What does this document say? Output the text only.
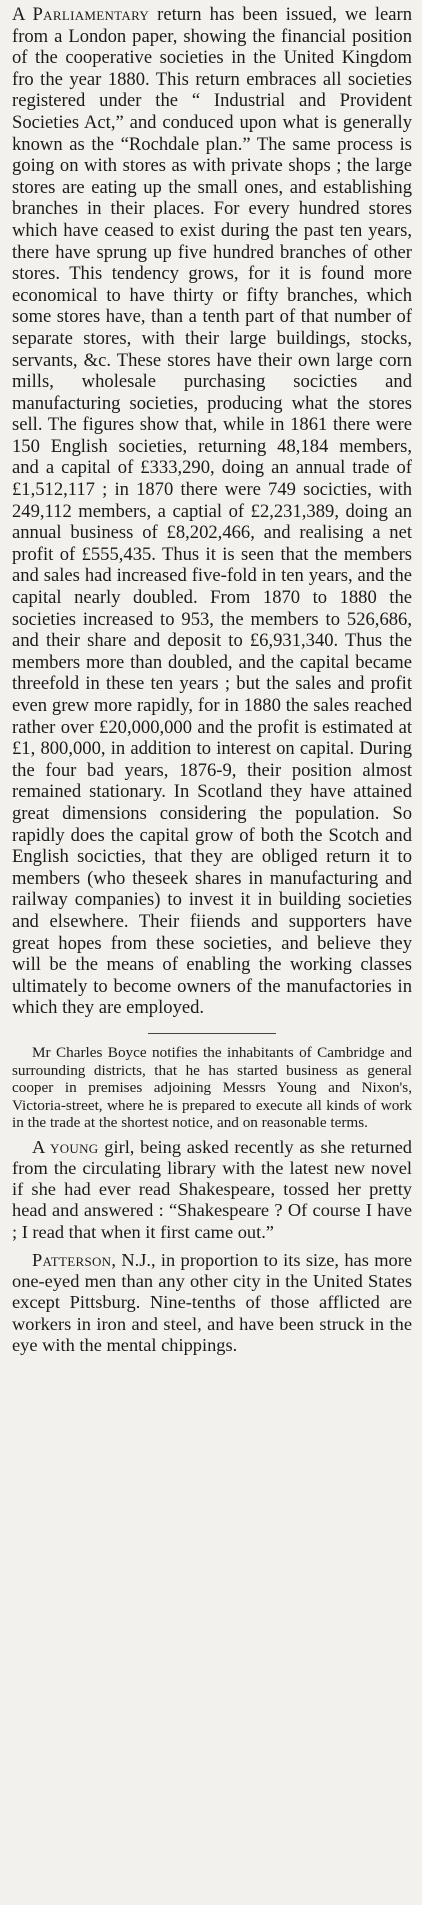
A Parliamentary return has been issued, we learn from a London paper, showing the financial position of the cooperative societies in the United Kingdom fro the year 1880. This return embraces all societies registered under the “ Industrial and Provident Societies Act,” and conduced upon what is generally known as the “Rochdale plan.” The same process is going on with stores as with private shops ; the large stores are eating up the small ones, and establishing branches in their places. For every hundred stores which have ceased to exist during the past ten years, there have sprung up five hundred branches of other stores. This tendency grows, for it is found more economical to have thirty or fifty branches, which some stores have, than a tenth part of that number of separate stores, with their large buildings, stocks, servants, &c. These stores have their own large corn mills, wholesale purchasing socicties and manufacturing societies, producing what the stores sell. The figures show that, while in 1861 there were 150 English societies, returning 48,184 members, and a capital of £333,290, doing an annual trade of £1,512,117 ; in 1870 there were 749 socicties, with 249,112 members, a captial of £2,231,389, doing an annual business of £8,202,466, and realising a net profit of £555,435. Thus it is seen that the members and sales had increased five-fold in ten years, and the capital nearly doubled. From 1870 to 1880 the societies increased to 953, the members to 526,686, and their share and deposit to £6,931,340. Thus the members more than doubled, and the capital became threefold in these ten years ; but the sales and profit even grew more rapidly, for in 1880 the sales reached rather over £20,000,000 and the profit is estimated at £1, 800,000, in addition to interest on capital. During the four bad years, 1876-9, their position almost remained stationary. In Scotland they have attained great dimensions considering the population. So rapidly does the capital grow of both the Scotch and English socicties, that they are obliged return it to members (who theseek shares in manufacturing and railway companies) to invest it in building societies and elsewhere. Their fiiends and supporters have great hopes from these societies, and believe they will be the means of enabling the working classes ultimately to become owners of the manufactories in which they are employed.

Mr Charles Boyce notifies the inhabitants of Cambridge and surrounding districts, that he has started business as general cooper in premises adjoining Messrs Young and Nixon's, Victoria-street, where he is prepared to execute all kinds of work in the trade at the shortest notice, and on reasonable terms.

A young girl, being asked recently as she returned from the circulating library with the latest new novel if she had ever read Shakespeare, tossed her pretty head and answered : “Shakespeare ? Of course I have ; I read that when it first came out.”

Patterson, N.J., in proportion to its size, has more one-eyed men than any other city in the United States except Pittsburg. Nine-tenths of those afflicted are workers in iron and steel, and have been struck in the eye with the mental chippings.
